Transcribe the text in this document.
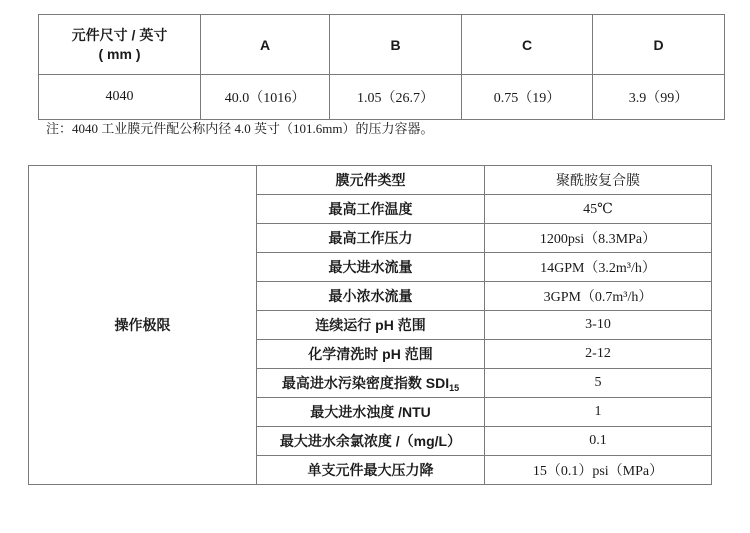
元件尺寸 / 英寸
( mm )	A	B	C	D
4040	40.0（1016）	1.05（26.7）	0.75（19）	3.9（99）
注：4040 工业膜元件配公称内径 4.0 英寸（101.6mm）的压力容器。
操作极限	膜元件类型	聚酰胺复合膜
	最高工作温度	45℃
	最高工作压力	1200psi（8.3MPa）
	最大进水流量	14GPM（3.2m³/h）
	最小浓水流量	3GPM（0.7m³/h）
	连续运行 pH 范围	3-10
	化学清洗时 pH 范围	2-12
	最高进水污染密度指数 $SDI_{15}$	5
	最大进水浊度 /NTU	1
	最大进水余氯浓度 /（mg/L）	0.1
	单支元件最大压力降	15（0.1）psi（MPa）
